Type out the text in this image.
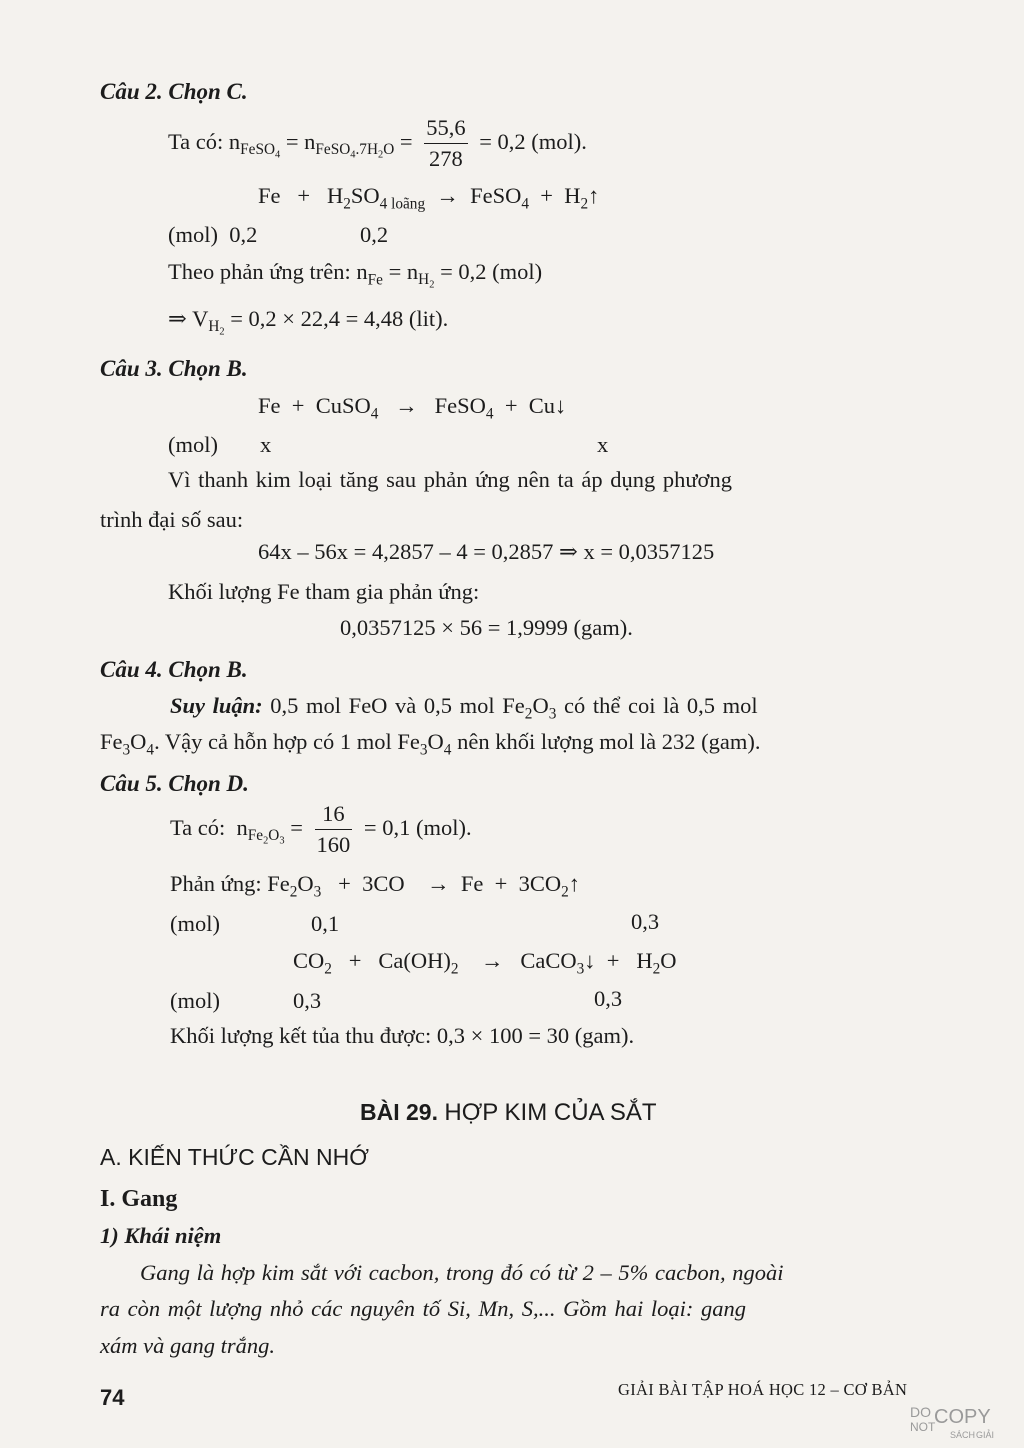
Câu 2. Chọn C.
Ta có: $n_{FeSO_4} = n_{FeSO_4.7H_2O} = \frac{55,6}{278} = 0,2$ (mol).
$Fe + H_2SO_{4 loãng}$  →  FeSO$_4$  +  $H_2↑$
(mol) 0,2	0,2
Theo phản ứng trên: $n_{Fe} = n_{H_2} = 0,2$ (mol)
⇒ $V_{H_2} = 0,2 \times 22,4 = 4,48$ (lit).
Câu 3. Chọn B.
Fe + CuSO$_4$ → FeSO$_4$ + Cu↓
(mol) x	x
Vì thanh kim loại tăng sau phản ứng nên ta áp dụng phương
trình đại số sau:
64x – 56x = 4,2857 – 4 = 0,2857 ⇒ x = 0,0357125
Khối lượng Fe tham gia phản ứng:
0,0357125 × 56 = 1,9999 (gam).
Câu 4. Chọn B.
Suy luận: 0,5 mol FeO và 0,5 mol $Fe_2O_3$ có thể coi là 0,5 mol
$Fe_3O_4$. Vậy cả hỗn hợp có 1 mol $Fe_3O_4$ nên khối lượng mol là 232 (gam).
Câu 5. Chọn D.
Ta có: $n_{Fe_2O_3} = \frac{16}{160} = 0,1$ (mol).
Phản ứng: $Fe_2O_3 + 3CO$    →  $Fe + 3CO_2↑$
(mol)	0,1	0,3
$CO_2 + Ca(OH)_2$    →   CaCO$_3$↓  +   $H_2O$
(mol)	0,3	0,3
Khối lượng kết tủa thu được: 0,3 × 100 = 30 (gam).
BÀI 29. HỢP KIM CỦA SẮT
A. KIẾN THỨC CẦN NHỚ
I. Gang
1) Khái niệm
Gang là hợp kim sắt với cacbon, trong đó có từ 2 – 5% cacbon, ngoài
ra còn một lượng nhỏ các nguyên tố Si, Mn, S,... Gồm hai loại: gang
xám và gang trắng.
74	GIẢI BÀI TẬP HOÁ HỌC 12 – CƠ BẢN
DO
NOT
COPY
SÁCH GIẢI
